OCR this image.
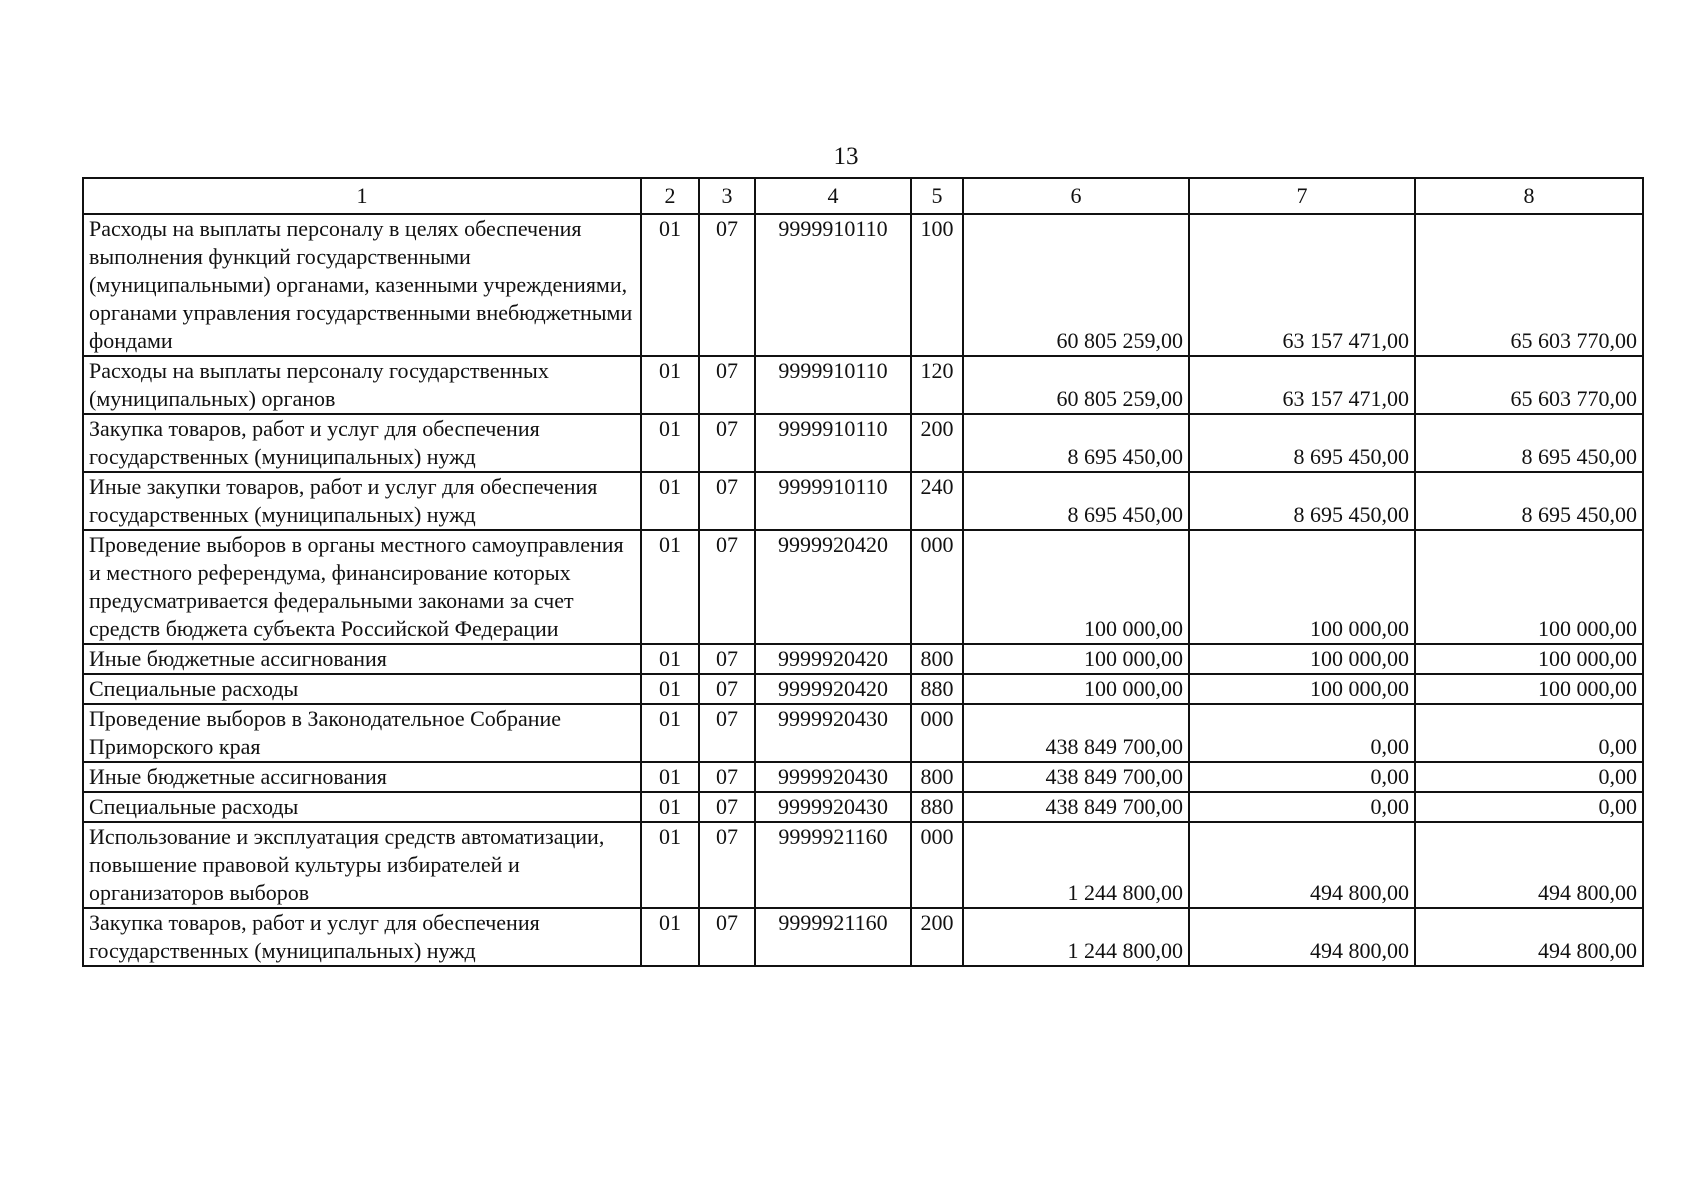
13
1	2	3	4	5	6	7	8
Расходы на выплаты персоналу в целях обеспечения выполнения функций государственными (муниципальными) органами, казенными учреждениями, органами управления государственными внебюджетными фондами	01	07	9999910110	100	60 805 259,00	63 157 471,00	65 603 770,00
Расходы на выплаты персоналу государственных (муниципальных) органов	01	07	9999910110	120	60 805 259,00	63 157 471,00	65 603 770,00
Закупка товаров, работ и услуг для обеспечения государственных (муниципальных) нужд	01	07	9999910110	200	8 695 450,00	8 695 450,00	8 695 450,00
Иные закупки товаров, работ и услуг для обеспечения государственных (муниципальных) нужд	01	07	9999910110	240	8 695 450,00	8 695 450,00	8 695 450,00
Проведение выборов в органы местного самоуправления и местного референдума, финансирование которых предусматривается федеральными законами за счет средств бюджета субъекта Российской Федерации	01	07	9999920420	000	100 000,00	100 000,00	100 000,00
Иные бюджетные ассигнования	01	07	9999920420	800	100 000,00	100 000,00	100 000,00
Специальные расходы	01	07	9999920420	880	100 000,00	100 000,00	100 000,00
Проведение выборов в Законодательное Собрание Приморского края	01	07	9999920430	000	438 849 700,00	0,00	0,00
Иные бюджетные ассигнования	01	07	9999920430	800	438 849 700,00	0,00	0,00
Специальные расходы	01	07	9999920430	880	438 849 700,00	0,00	0,00
Использование и эксплуатация средств автоматизации, повышение правовой культуры избирателей и организаторов выборов	01	07	9999921160	000	1 244 800,00	494 800,00	494 800,00
Закупка товаров, работ и услуг для обеспечения государственных (муниципальных) нужд	01	07	9999921160	200	1 244 800,00	494 800,00	494 800,00
